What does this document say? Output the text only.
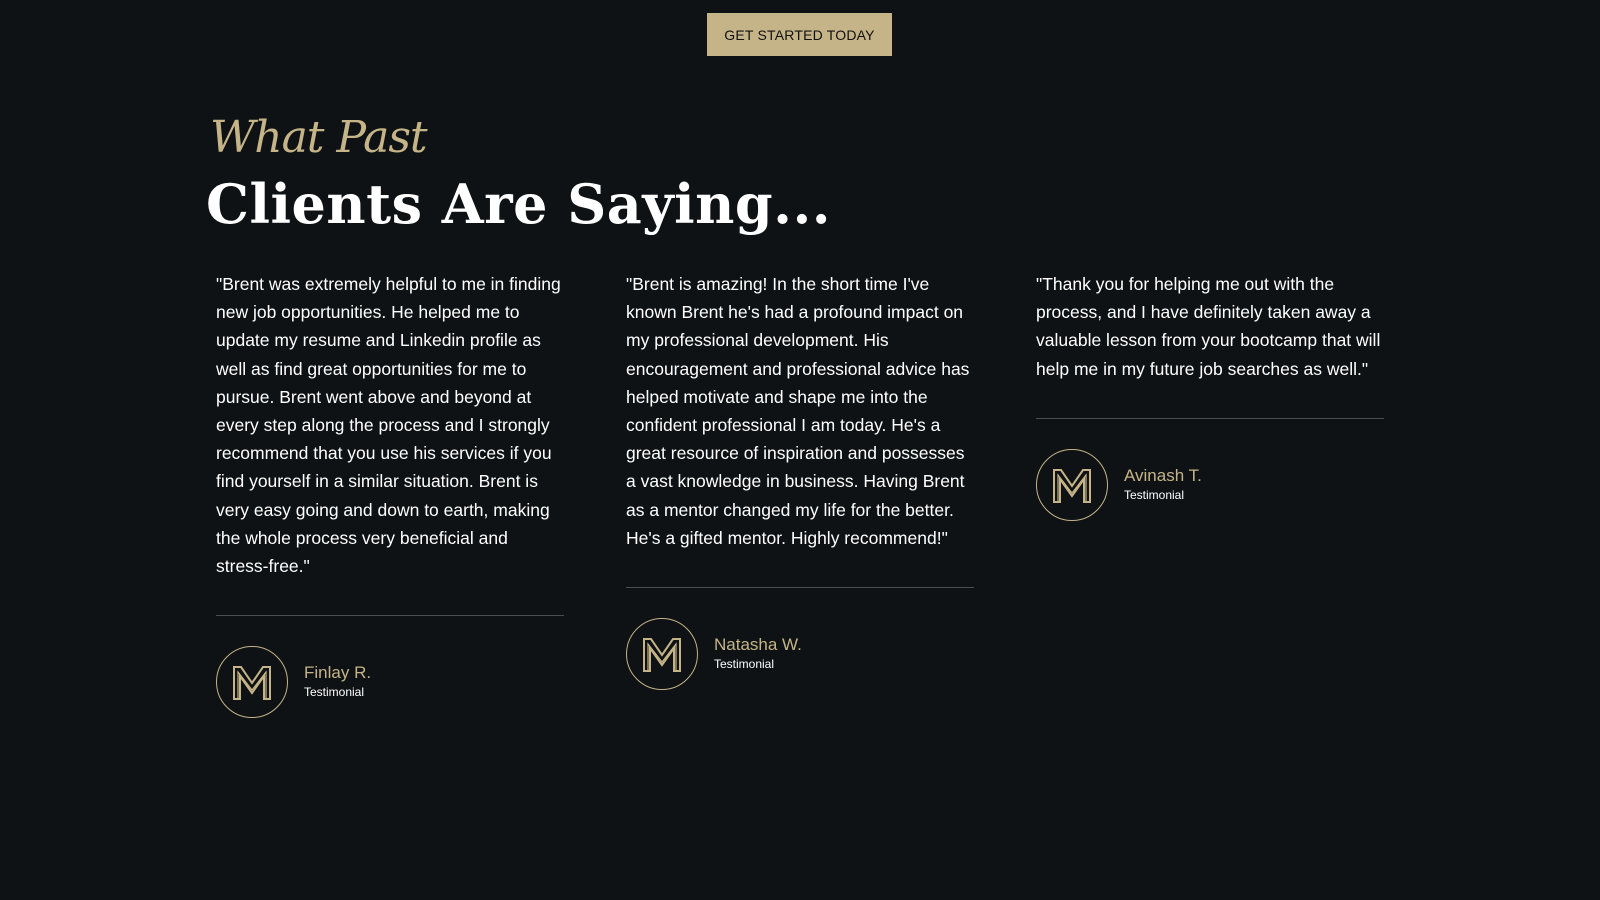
GET STARTED TODAY
What Past
Clients Are Saying...

"Brent was extremely helpful to me in finding new job opportunities. He helped me to update my resume and Linkedin profile as well as find great opportunities for me to pursue. Brent went above and beyond at every step along the process and I strongly recommend that you use his services if you find yourself in a similar situation. Brent is very easy going and down to earth, making the whole process very beneficial and stress-free."

Finlay R.
Testimonial

"Brent is amazing! In the short time I've known Brent he's had a profound impact on my professional development. His encouragement and professional advice has helped motivate and shape me into the confident professional I am today. He's a great resource of inspiration and possesses a vast knowledge in business. Having Brent as a mentor changed my life for the better. He's a gifted mentor. Highly recommend!"

Natasha W.
Testimonial

"Thank you for helping me out with the process, and I have definitely taken away a valuable lesson from your bootcamp that will help me in my future job searches as well."

Avinash T.
Testimonial
